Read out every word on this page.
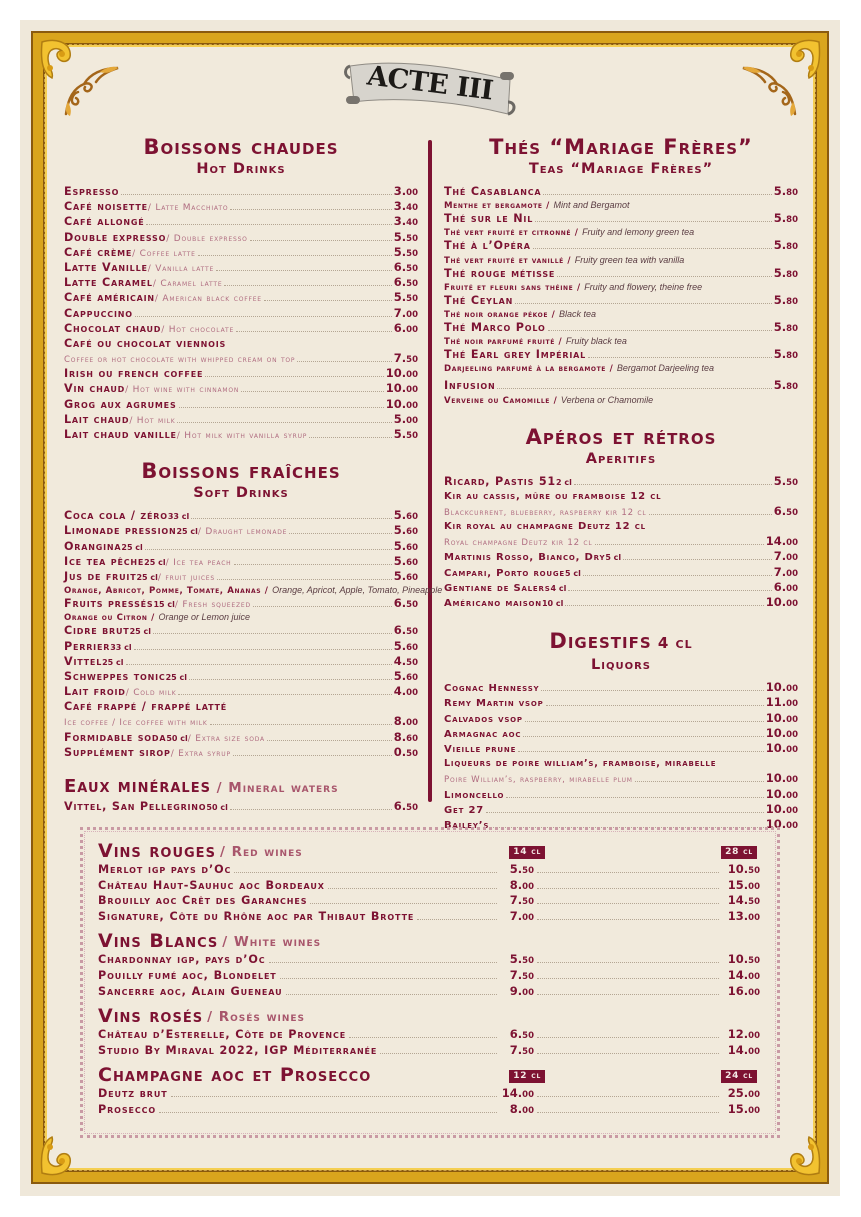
ACTE III
Boissons chaudes
Hot Drinks
Espresso	3.00
Café noisette / Latte Macchiato	3.40
Café allongé	3.40
Double expresso / Double expresso	5.50
Café crème / Coffee latte	5.50
Latte Vanille / Vanilla latte	6.50
Latte Caramel / Caramel latte	6.50
Café américain / American black coffee	5.50
Cappuccino	7.00
Chocolat chaud / Hot chocolate	6.00
Café ou chocolat viennois
Coffee or hot chocolate with whipped cream on top	7.50
Irish ou french coffee	10.00
Vin chaud / Hot wine with cinnamon	10.00
Grog aux agrumes	10.00
Lait chaud / Hot milk	5.00
Lait chaud vanille / Hot milk with vanilla syrup	5.50
Boissons fraîches
Soft Drinks
Coca cola / zéro 33 cl	5.60
Limonade pression 25 cl / Draught lemonade	5.60
Orangina 25 cl	5.60
Ice tea pêche 25 cl / Ice tea peach	5.60
Jus de fruit 25 cl / fruit juices	5.60
Orange, Abricot, Pomme, Tomate, Ananas / Orange, Apricot, Apple, Tomato, Pineapple
Fruits pressés 15 cl / Fresh squeezed	6.50
Orange ou Citron / Orange or Lemon juice
Cidre brut 25 cl	6.50
Perrier 33 cl	5.60
Vittel 25 cl	4.50
Schweppes tonic 25 cl	5.60
Lait froid / Cold milk	4.00
Café frappé / frappé latté
Ice coffee / Ice coffee with milk	8.00
Formidable soda 50 cl / Extra size soda	8.60
Supplément sirop / Extra syrup	0.50
Eaux minérales / Mineral waters
Vittel, San Pellegrino 50 cl	6.50
Thés “Mariage Frères”
Teas “Mariage Frères”
Thé Casablanca	5.80
Menthe et bergamote / Mint and Bergamot
Thé sur le Nil	5.80
Thé vert fruité et citronné / Fruity and lemony green tea
Thé à l’Opéra	5.80
Thé vert fruité et vanillé / Fruity green tea with vanilla
Thé rouge métisse	5.80
Fruité et fleuri sans théine / Fruity and flowery, theine free
Thé Ceylan	5.80
Thé noir orange pékoe / Black tea
Thé Marco Polo	5.80
Thé noir parfumé fruité / Fruity black tea
Thé Earl grey Impérial	5.80
Darjeeling parfumé à la bergamote / Bergamot Darjeeling tea
Infusion	5.80
Verveine ou Camomille / Verbena or Chamomile
Apéros et rétros
Aperitifs
Ricard, Pastis 51 2 cl	5.50
Kir au cassis, mûre ou framboise 12 cl
Blackcurrent, blueberry, raspberry kir 12 cl	6.50
Kir royal au champagne Deutz 12 cl
Royal champagne Deutz kir 12 cl	14.00
Martinis Rosso, Bianco, Dry 5 cl	7.00
Campari, Porto rouge 5 cl	7.00
Gentiane de Salers 4 cl	6.00
Américano maison 10 cl	10.00
Digestifs 4 cl
Liquors
Cognac Hennessy	10.00
Remy Martin vsop	11.00
Calvados vsop	10.00
Armagnac aoc	10.00
Vieille prune	10.00
Liqueurs de poire william’s, framboise, mirabelle
Poire William’s, raspberry, mirabelle plum	10.00
Limoncello	10.00
Get 27	10.00
Bailey’s	10.00
Vins rouges / Red wines	14 cl	28 cl
Merlot igp pays d’Oc	5.50	10.50
Château Haut-Sauhuc aoc Bordeaux	8.00	15.00
Brouilly aoc Crêt des Garanches	7.50	14.50
Signature, Côte du Rhône aoc par Thibaut Brotte	7.00	13.00
Vins Blancs / White wines
Chardonnay igp, pays d’Oc	5.50	10.50
Pouilly fumé aoc, Blondelet	7.50	14.00
Sancerre aoc, Alain Gueneau	9.00	16.00
Vins rosés / Rosés wines
Château d’Esterelle, Côte de Provence	6.50	12.00
Studio By Miraval 2022, IGP Méditerranée	7.50	14.00
Champagne aoc et Prosecco	12 cl	24 cl
Deutz brut	14.00	25.00
Prosecco	8.00	15.00
